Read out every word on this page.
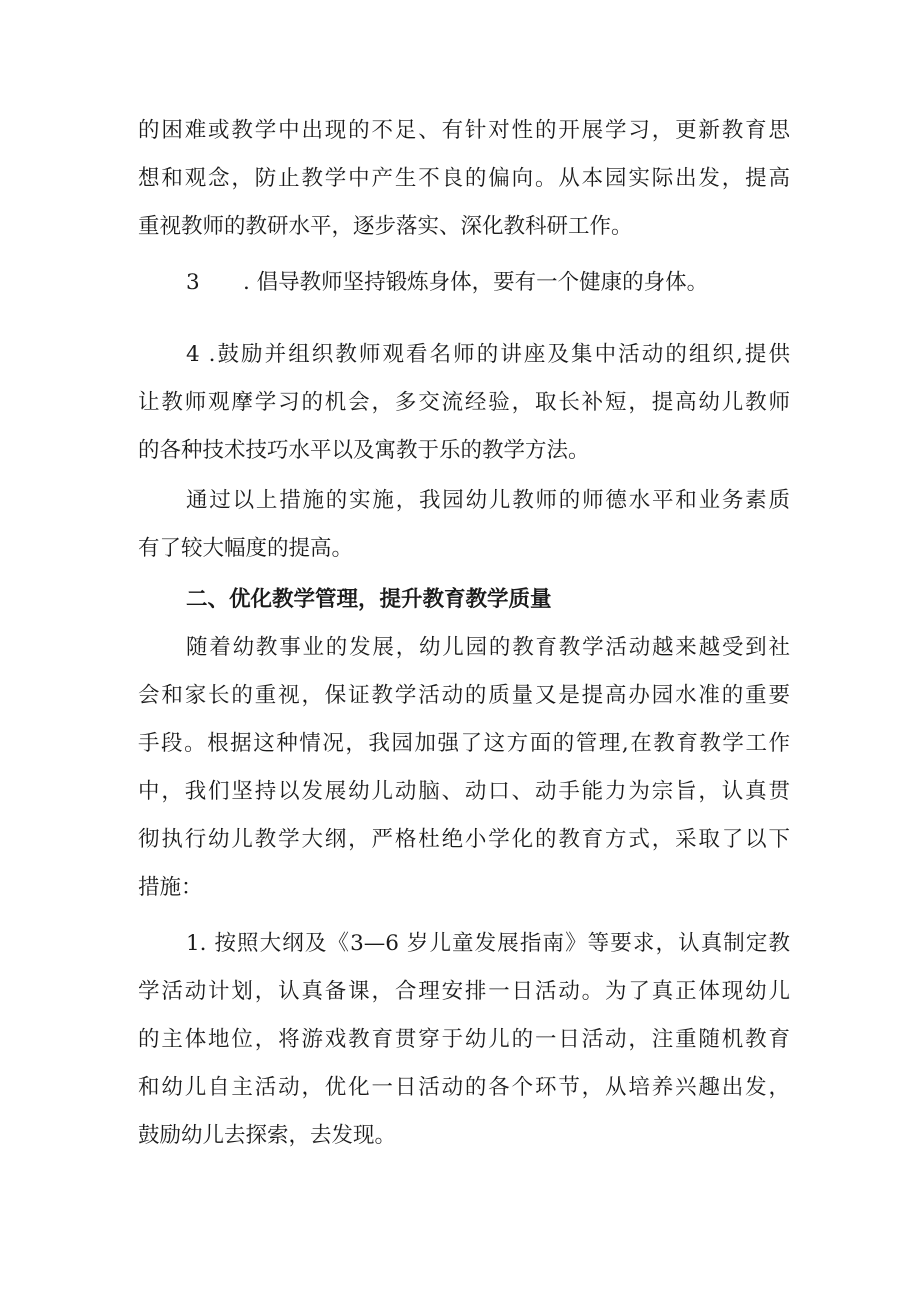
的困难或教学中出现的不足、有针对性的开展学习，更新教育思
想和观念，防止教学中产生不良的偏向。从本园实际出发，提高
重视教师的教研水平，逐步落实、深化教科研工作。
3 . 倡导教师坚持锻炼身体，要有一个健康的身体。
4 .鼓励并组织教师观看名师的讲座及集中活动的组织,提供
让教师观摩学习的机会，多交流经验，取长补短，提高幼儿教师
的各种技术技巧水平以及寓教于乐的教学方法。
通过以上措施的实施，我园幼儿教师的师德水平和业务素质
有了较大幅度的提高。
二、优化教学管理，提升教育教学质量
随着幼教事业的发展，幼儿园的教育教学活动越来越受到社
会和家长的重视，保证教学活动的质量又是提高办园水准的重要
手段。根据这种情况，我园加强了这方面的管理,在教育教学工作
中，我们坚持以发展幼儿动脑、动口、动手能力为宗旨，认真贯
彻执行幼儿教学大纲，严格杜绝小学化的教育方式，采取了以下
措施：
1. 按照大纲及《3—6 岁儿童发展指南》等要求，认真制定教
学活动计划，认真备课，合理安排一日活动。为了真正体现幼儿
的主体地位，将游戏教育贯穿于幼儿的一日活动，注重随机教育
和幼儿自主活动，优化一日活动的各个环节，从培养兴趣出发，
鼓励幼儿去探索，去发现。
